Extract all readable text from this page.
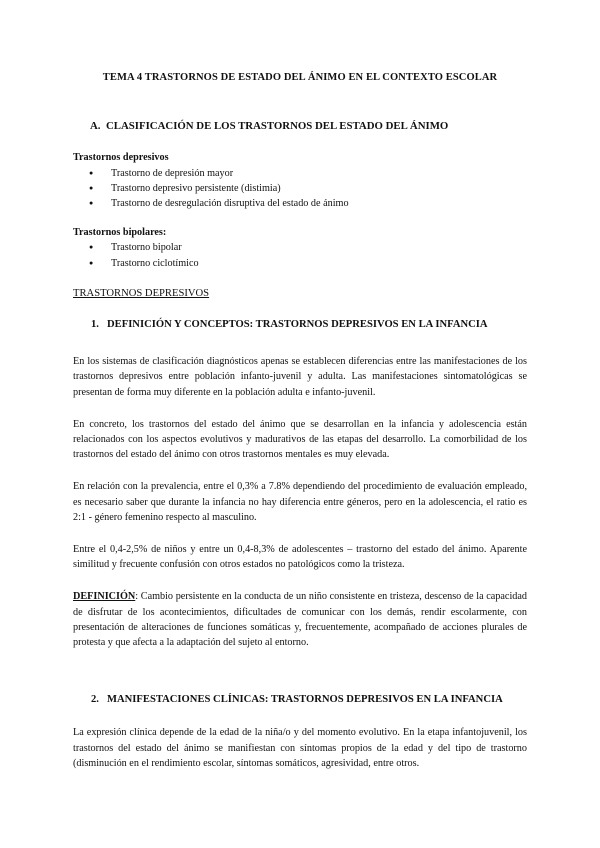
TEMA 4 TRASTORNOS DE ESTADO DEL ÁNIMO EN EL CONTEXTO ESCOLAR
A. CLASIFICACIÓN DE LOS TRASTORNOS DEL ESTADO DEL ÁNIMO
Trastornos depresivos
● Trastorno de depresión mayor
● Trastorno depresivo persistente (distimia)
● Trastorno de desregulación disruptiva del estado de ánimo
Trastornos bipolares:
● Trastorno bipolar
● Trastorno ciclotímico
TRASTORNOS DEPRESIVOS
1. DEFINICIÓN Y CONCEPTOS: TRASTORNOS DEPRESIVOS EN LA INFANCIA

En los sistemas de clasificación diagnósticos apenas se establecen diferencias entre las manifestaciones de los trastornos depresivos entre población infanto-juvenil y adulta. Las manifestaciones sintomatológicas se presentan de forma muy diferente en la población adulta e infanto-juvenil.

En concreto, los trastornos del estado del ánimo que se desarrollan en la infancia y adolescencia están relacionados con los aspectos evolutivos y madurativos de las etapas del desarrollo. La comorbilidad de los trastornos del estado del ánimo con otros trastornos mentales es muy elevada.

En relación con la prevalencia, entre el 0,3% a 7.8% dependiendo del procedimiento de evaluación empleado, es necesario saber que durante la infancia no hay diferencia entre géneros, pero en la adolescencia, el ratio es 2:1 - género femenino respecto al masculino.

Entre el 0,4-2,5% de niños y entre un 0,4-8,3% de adolescentes – trastorno del estado del ánimo. Aparente similitud y frecuente confusión con otros estados no patológicos como la tristeza.

DEFINICIÓN: Cambio persistente en la conducta de un niño consistente en tristeza, descenso de la capacidad de disfrutar de los acontecimientos, dificultades de comunicar con los demás, rendir escolarmente, con presentación de alteraciones de funciones somáticas y, frecuentemente, acompañado de acciones plurales de protesta y que afecta a la adaptación del sujeto al entorno.

2. MANIFESTACIONES CLÍNICAS: TRASTORNOS DEPRESIVOS EN LA INFANCIA

La expresión clínica depende de la edad de la niña/o y del momento evolutivo. En la etapa infantojuvenil, los trastornos del estado del ánimo se manifiestan con síntomas propios de la edad y del tipo de trastorno (disminución en el rendimiento escolar, síntomas somáticos, agresividad, entre otros.
